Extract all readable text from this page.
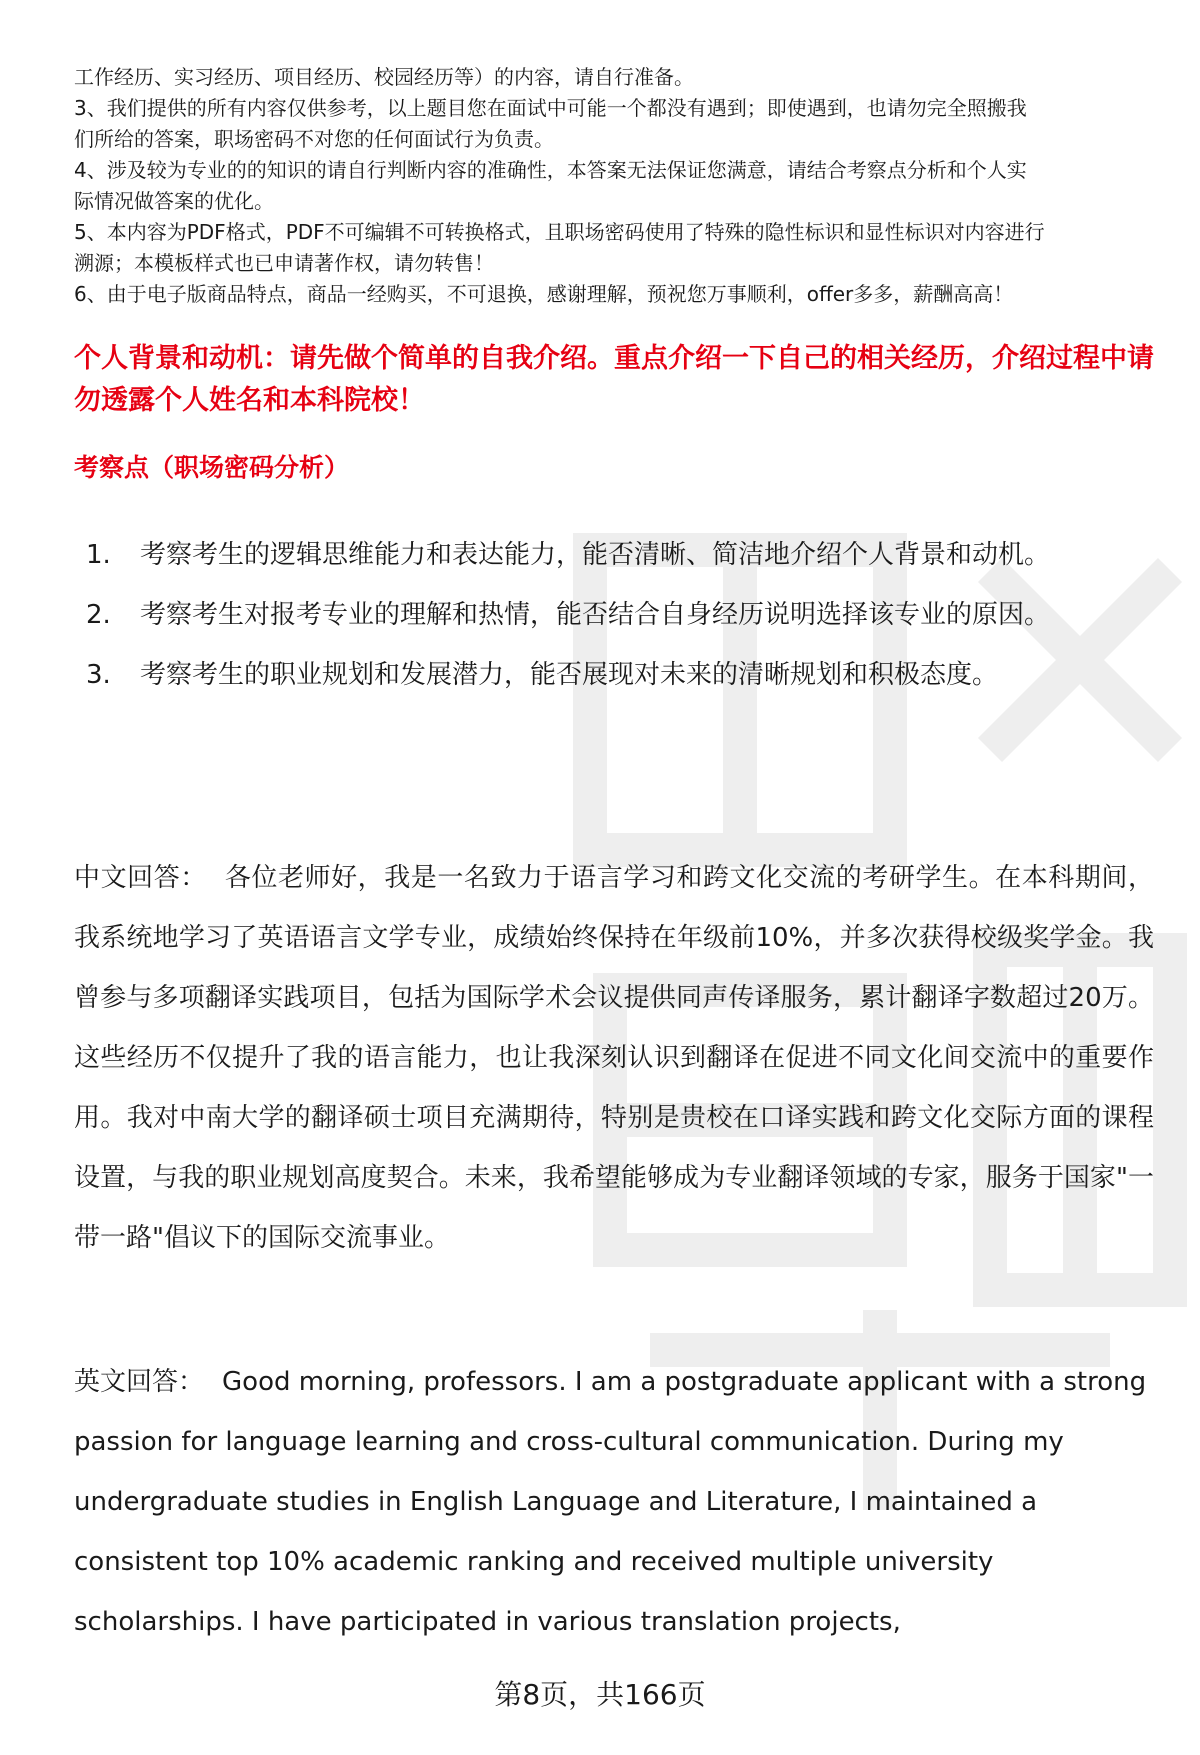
工作经历、实习经历、项目经历、校园经历等）的内容，请自行准备。
3、我们提供的所有内容仅供参考，以上题目您在面试中可能一个都没有遇到；即使遇到，也请勿完全照搬我
们所给的答案，职场密码不对您的任何面试行为负责。
4、涉及较为专业的的知识的请自行判断内容的准确性，本答案无法保证您满意，请结合考察点分析和个人实
际情况做答案的优化。
5、本内容为PDF格式，PDF不可编辑不可转换格式，且职场密码使用了特殊的隐性标识和显性标识对内容进行
溯源；本模板样式也已申请著作权，请勿转售！
6、由于电子版商品特点，商品一经购买，不可退换，感谢理解，预祝您万事顺利，offer多多，薪酬高高！
个人背景和动机：请先做个简单的自我介绍。重点介绍一下自己的相关经历，介绍过程中请勿透露个人姓名和本科院校！
考察点（职场密码分析）
1.	考察考生的逻辑思维能力和表达能力，能否清晰、简洁地介绍个人背景和动机。
2.	考察考生对报考专业的理解和热情，能否结合自身经历说明选择该专业的原因。
3.	考察考生的职业规划和发展潜力，能否展现对未来的清晰规划和积极态度。
中文回答： 各位老师好，我是一名致力于语言学习和跨文化交流的考研学生。在本科期间，我系统地学习了英语语言文学专业，成绩始终保持在年级前10%，并多次获得校级奖学金。我曾参与多项翻译实践项目，包括为国际学术会议提供同声传译服务，累计翻译字数超过20万。这些经历不仅提升了我的语言能力，也让我深刻认识到翻译在促进不同文化间交流中的重要作用。我对中南大学的翻译硕士项目充满期待，特别是贵校在口译实践和跨文化交际方面的课程设置，与我的职业规划高度契合。未来，我希望能够成为专业翻译领域的专家，服务于国家"一带一路"倡议下的国际交流事业。
英文回答： Good morning, professors. I am a postgraduate applicant with a strong passion for language learning and cross-cultural communication. During my undergraduate studies in English Language and Literature, I maintained a consistent top 10% academic ranking and received multiple university scholarships. I have participated in various translation projects,
第8页，共166页
